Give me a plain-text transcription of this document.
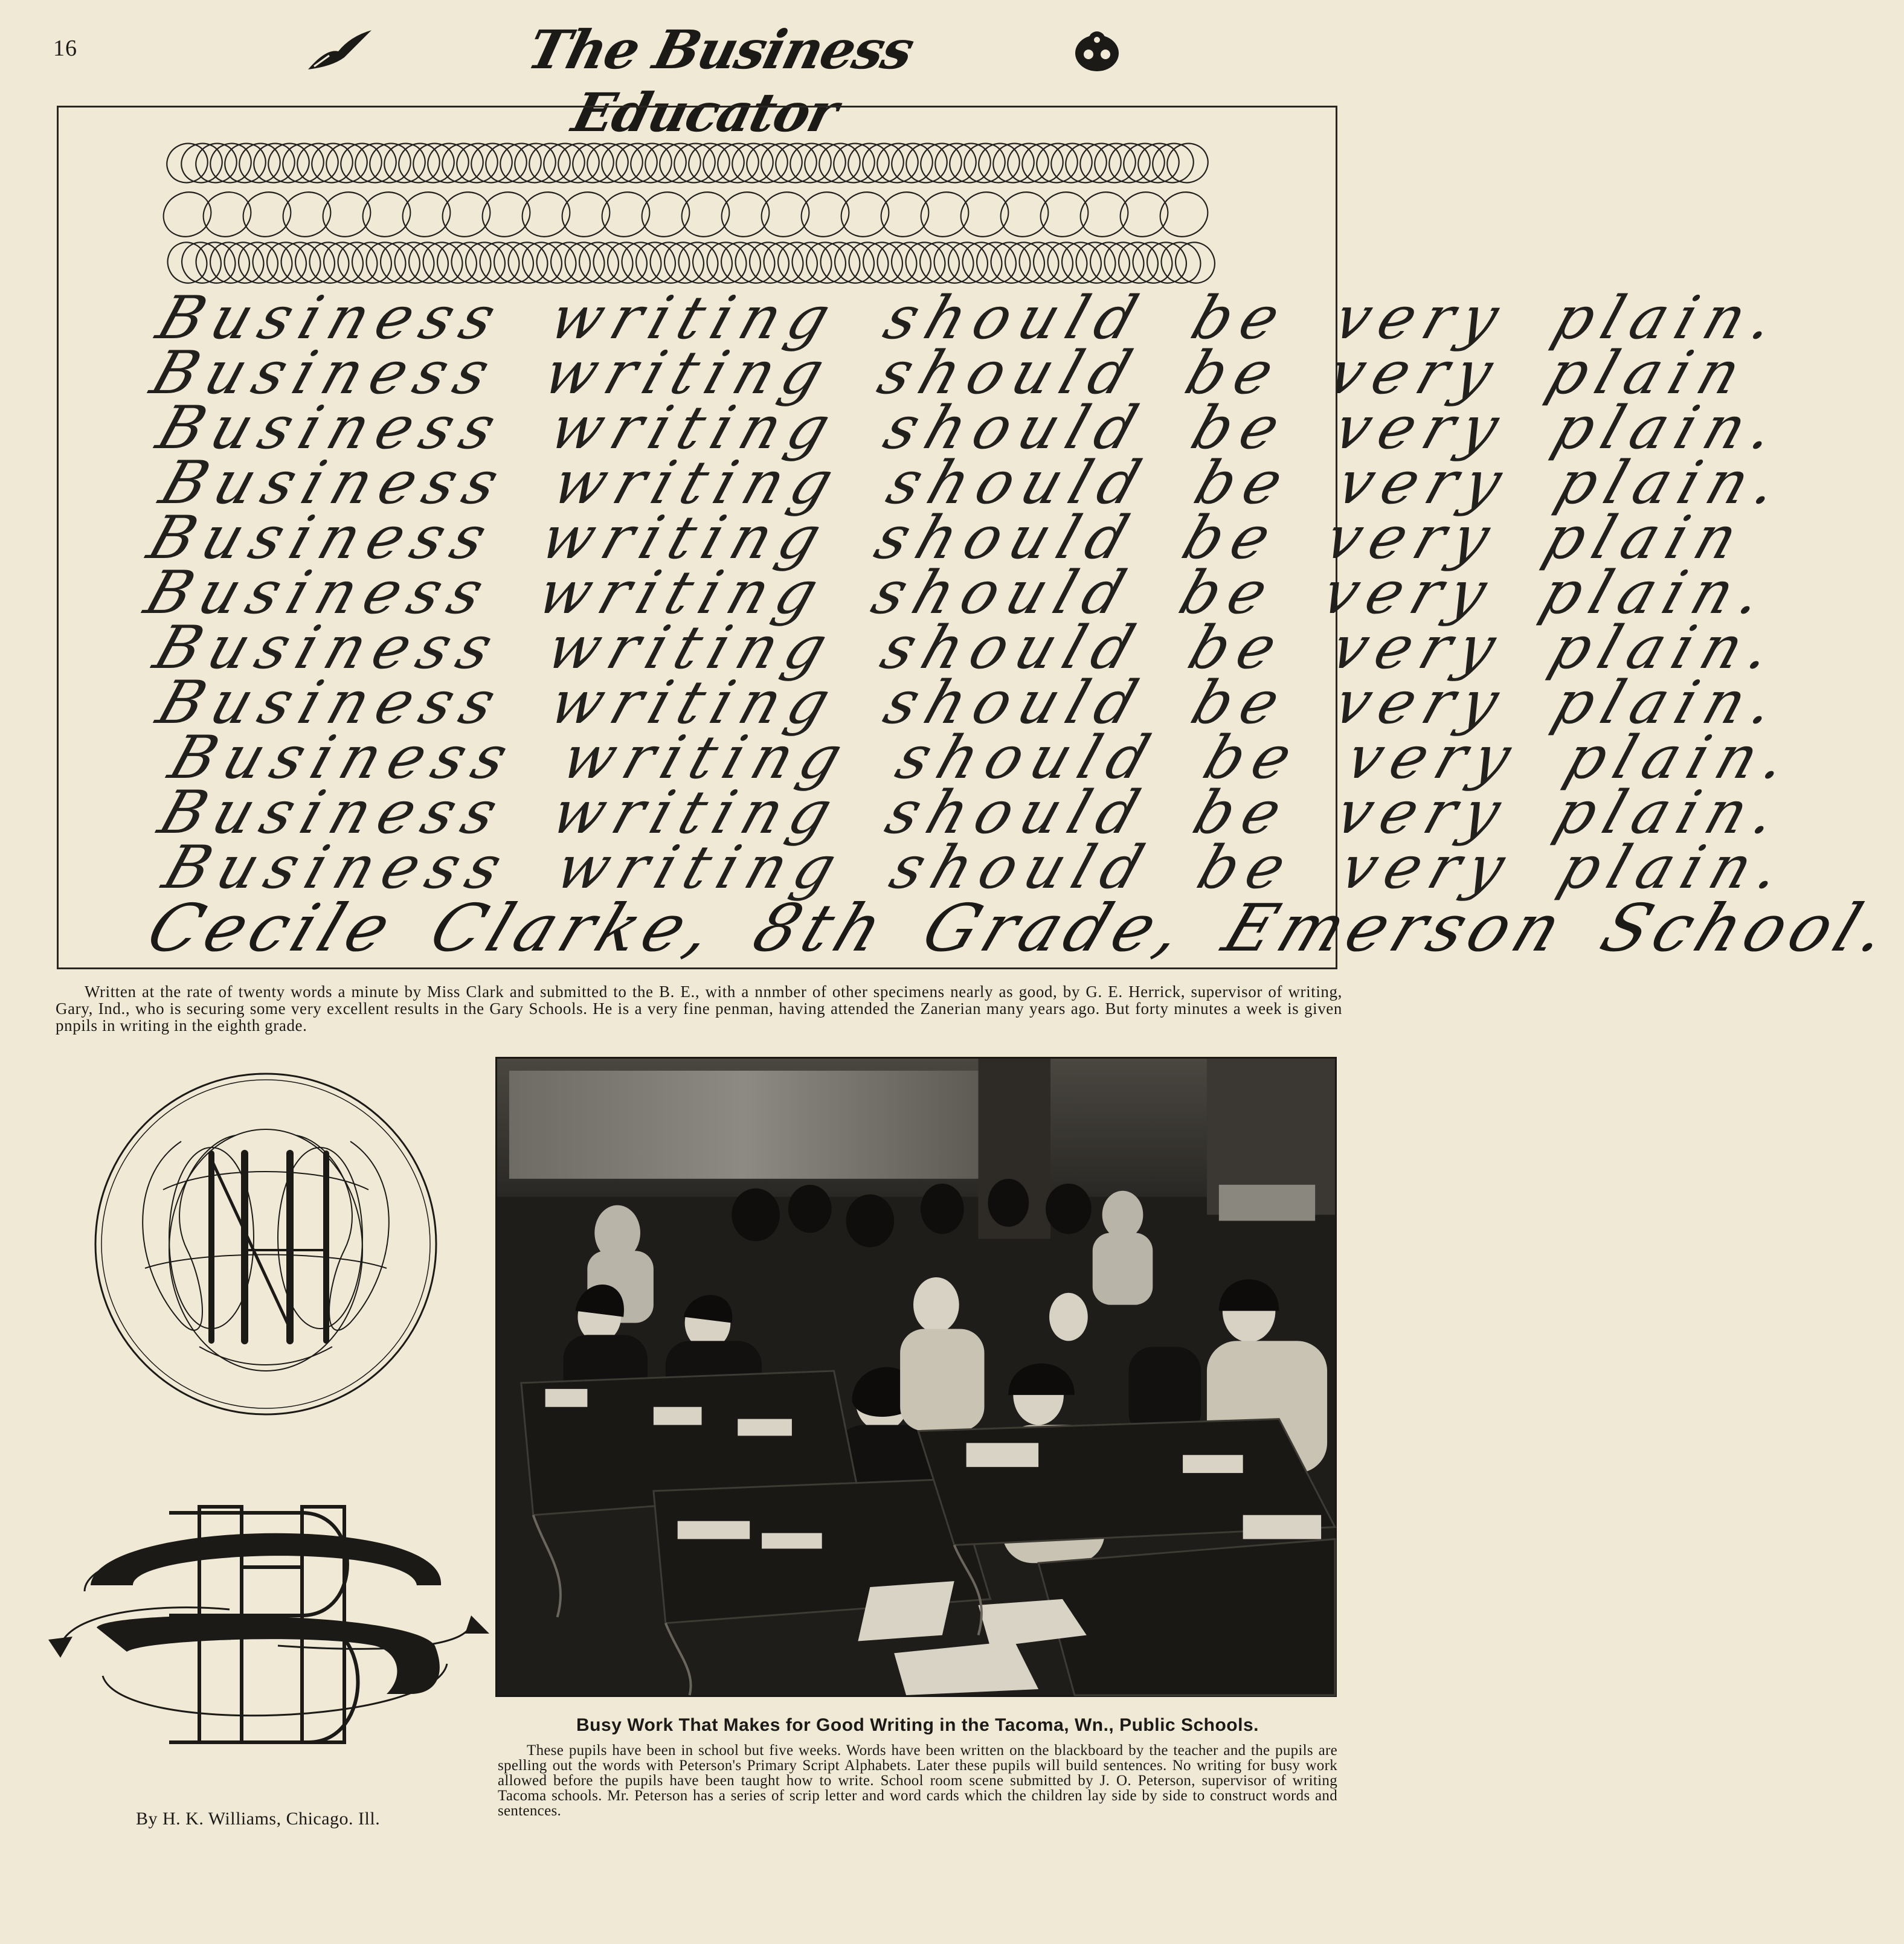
16	The Business Educator
Business writing should be very plain.
Business writing should be very plain
Business writing should be very plain.
Business writing should be very plain.
Business writing should be very plain
Business writing should be very plain.
Business writing should be very plain.
Business writing should be very plain.
Business writing should be very plain.
Business writing should be very plain.
Business writing should be very plain.
Cecile Clarke, 8th Grade, Emerson School.
Written at the rate of twenty words a minute by Miss Clark and submitted to the B. E., with a nnmber of other specimens nearly as good, by G. E. Herrick, supervisor of writing, Gary, Ind., who is securing some very excellent results in the Gary Schools. He is a very fine penman, having attended the Zanerian many years ago. But forty minutes a week is given pnpils in writing in the eighth grade.
By H. K. Williams, Chicago. Ill.
Busy Work That Makes for Good Writing in the Tacoma, Wn., Public Schools.
These pupils have been in school but five weeks. Words have been written on the blackboard by the teacher and the pupils are spelling out the words with Peterson's Primary Script Alphabets. Later these pupils will build sentences. No writing for busy work allowed before the pupils have been taught how to write. School room scene submitted by J. O. Peterson, supervisor of writing Tacoma schools. Mr. Peterson has a series of scrip letter and word cards which the children lay side by side to construct words and sentences.
